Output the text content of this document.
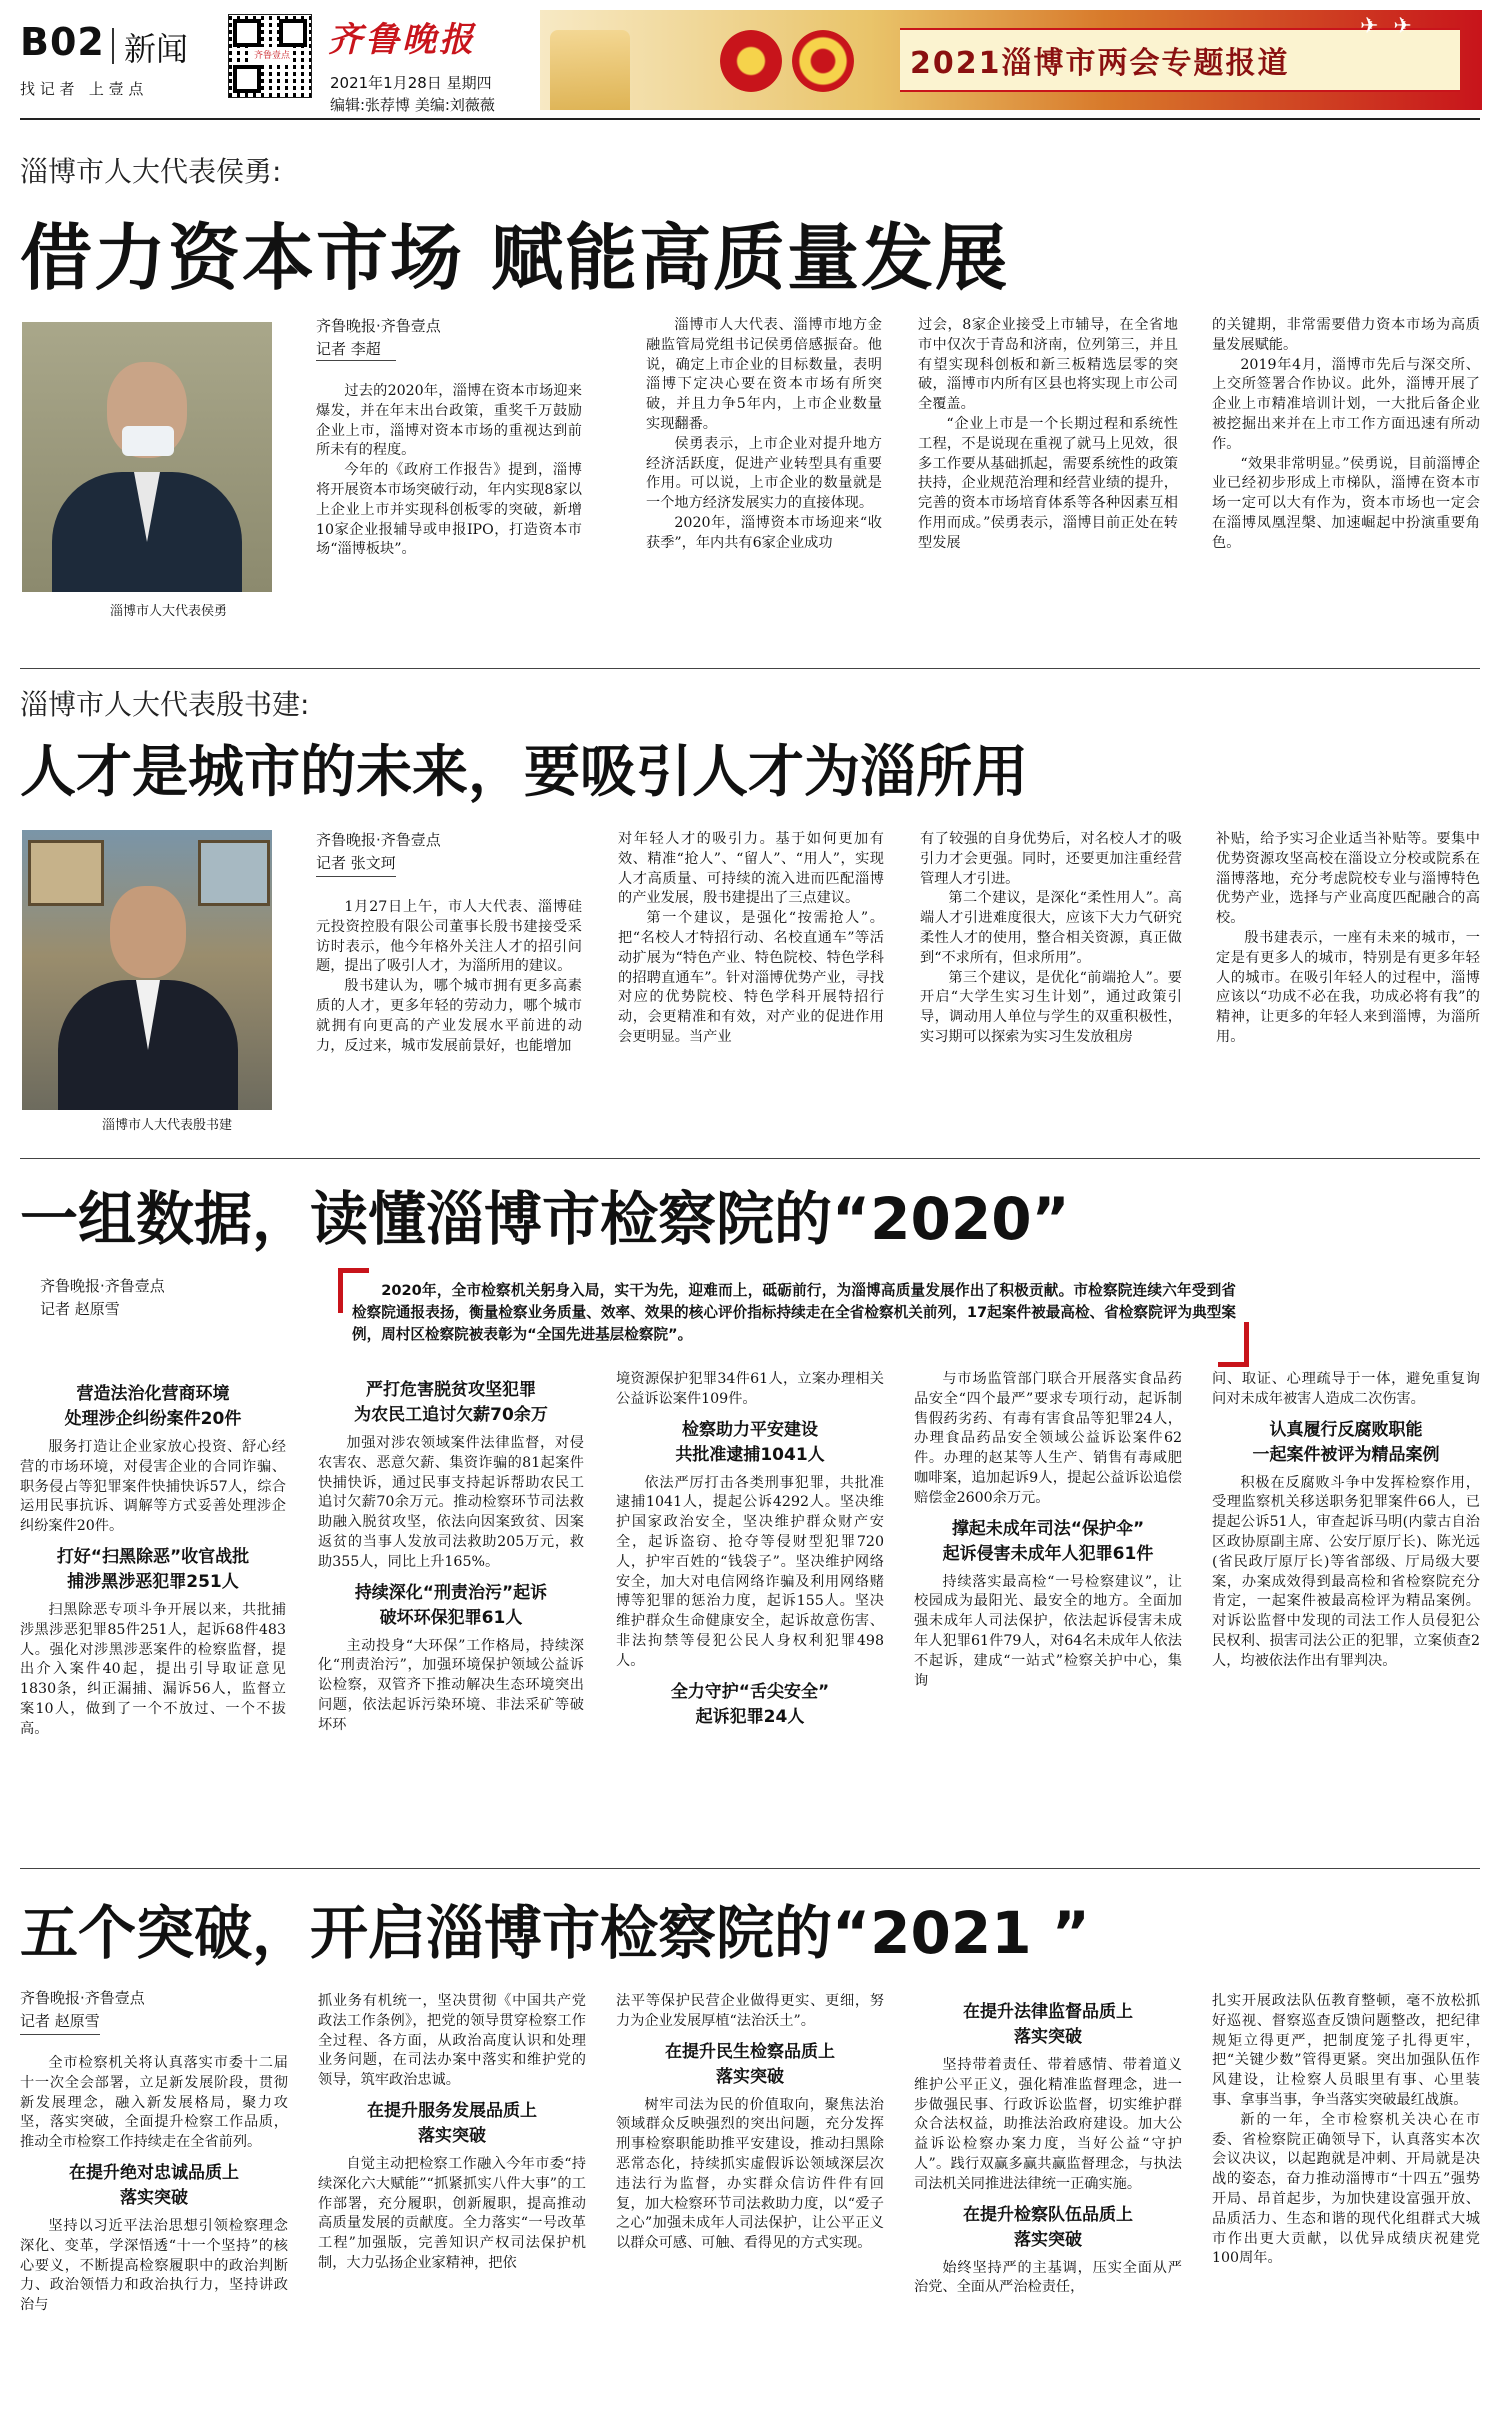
B02 新闻
找 记 者   上 壹 点
齐鲁壹点 齐鲁晚报
2021年1月28日 星期四
编辑:张荐博 美编:刘薇薇
✈ ✈
2021淄博市两会专题报道
淄博市人大代表侯勇:
借力资本市场 赋能高质量发展
淄博市人大代表侯勇
齐鲁晚报·齐鲁壹点
记者 李超

过去的2020年，淄博在资本市场迎来爆发，并在年末出台政策，重奖千万鼓励企业上市，淄博对资本市场的重视达到前所未有的程度。

今年的《政府工作报告》提到，淄博将开展资本市场突破行动，年内实现8家以上企业上市并实现科创板零的突破，新增10家企业报辅导或申报IPO，打造资本市场“淄博板块”。

淄博市人大代表、淄博市地方金融监管局党组书记侯勇倍感振奋。他说，确定上市企业的目标数量，表明淄博下定决心要在资本市场有所突破，并且力争5年内，上市企业数量实现翻番。

侯勇表示，上市企业对提升地方经济活跃度，促进产业转型具有重要作用。可以说，上市企业的数量就是一个地方经济发展实力的直接体现。

2020年，淄博资本市场迎来“收获季”，年内共有6家企业成功

过会，8家企业接受上市辅导，在全省地市中仅次于青岛和济南，位列第三，并且有望实现科创板和新三板精选层零的突破，淄博市内所有区县也将实现上市公司全覆盖。

“企业上市是一个长期过程和系统性工程，不是说现在重视了就马上见效，很多工作要从基础抓起，需要系统性的政策扶持，企业规范治理和经营业绩的提升，完善的资本市场培育体系等各种因素互相作用而成。”侯勇表示，淄博目前正处在转型发展

的关键期，非常需要借力资本市场为高质量发展赋能。

2019年4月，淄博市先后与深交所、上交所签署合作协议。此外，淄博开展了企业上市精准培训计划，一大批后备企业被挖掘出来并在上市工作方面迅速有所动作。

“效果非常明显。”侯勇说，目前淄博企业已经初步形成上市梯队，淄博在资本市场一定可以大有作为，资本市场也一定会在淄博凤凰涅槃、加速崛起中扮演重要角色。

淄博市人大代表殷书建:
人才是城市的未来，要吸引人才为淄所用
淄博市人大代表殷书建
齐鲁晚报·齐鲁壹点
记者 张文珂

1月27日上午，市人大代表、淄博硅元投资控股有限公司董事长殷书建接受采访时表示，他今年格外关注人才的招引问题，提出了吸引人才，为淄所用的建议。

殷书建认为，哪个城市拥有更多高素质的人才，更多年轻的劳动力，哪个城市就拥有向更高的产业发展水平前进的动力，反过来，城市发展前景好，也能增加

对年轻人才的吸引力。基于如何更加有效、精准“抢人”、“留人”、“用人”，实现人才高质量、可持续的流入进而匹配淄博的产业发展，殷书建提出了三点建议。

第一个建议，是强化“按需抢人”。把“名校人才特招行动、名校直通车”等活动扩展为“特色产业、特色院校、特色学科的招聘直通车”。针对淄博优势产业，寻找对应的优势院校、特色学科开展特招行动，会更精准和有效，对产业的促进作用会更明显。当产业

有了较强的自身优势后，对名校人才的吸引力才会更强。同时，还要更加注重经营管理人才引进。

第二个建议，是深化“柔性用人”。高端人才引进难度很大，应该下大力气研究柔性人才的使用，整合相关资源，真正做到“不求所有，但求所用”。

第三个建议，是优化“前端抢人”。要开启“大学生实习生计划”，通过政策引导，调动用人单位与学生的双重积极性，实习期可以探索为实习生发放租房

补贴，给予实习企业适当补贴等。要集中优势资源攻坚高校在淄设立分校或院系在淄博落地，充分考虑院校专业与淄博特色优势产业，选择与产业高度匹配融合的高校。

殷书建表示，一座有未来的城市，一定是有更多人的城市，特别是有更多年轻人的城市。在吸引年轻人的过程中，淄博应该以“功成不必在我，功成必将有我”的精神，让更多的年轻人来到淄博，为淄所用。

一组数据，读懂淄博市检察院的“2020”
齐鲁晚报·齐鲁壹点
记者 赵原雪
2020年，全市检察机关躬身入局，实干为先，迎难而上，砥砺前行，为淄博高质量发展作出了积极贡献。市检察院连续六年受到省检察院通报表扬，衡量检察业务质量、效率、效果的核心评价指标持续走在全省检察机关前列，17起案件被最高检、省检察院评为典型案例，周村区检察院被表彰为“全国先进基层检察院”。
营造法治化营商环境
处理涉企纠纷案件20件

服务打造让企业家放心投资、舒心经营的市场环境，对侵害企业的合同诈骗、职务侵占等犯罪案件快捕快诉57人，综合运用民事抗诉、调解等方式妥善处理涉企纠纷案件20件。

打好“扫黑除恶”收官战批
捕涉黑涉恶犯罪251人

扫黑除恶专项斗争开展以来，共批捕涉黑涉恶犯罪85件251人，起诉68件483人。强化对涉黑涉恶案件的检察监督，提出介入案件40起，提出引导取证意见1830条，纠正漏捕、漏诉56人，监督立案10人，做到了一个不放过、一个不拔高。

严打危害脱贫攻坚犯罪
为农民工追讨欠薪70余万

加强对涉农领域案件法律监督，对侵农害农、恶意欠薪、集资诈骗的81起案件快捕快诉，通过民事支持起诉帮助农民工追讨欠薪70余万元。推动检察环节司法救助融入脱贫攻坚，依法向因案致贫、因案返贫的当事人发放司法救助205万元，救助355人，同比上升165%。

持续深化“刑责治污”起诉
破坏环保犯罪61人

主动投身“大环保”工作格局，持续深化“刑责治污”，加强环境保护领域公益诉讼检察，双管齐下推动解决生态环境突出问题，依法起诉污染环境、非法采矿等破坏环

境资源保护犯罪34件61人，立案办理相关公益诉讼案件109件。

检察助力平安建设
共批准逮捕1041人

依法严厉打击各类刑事犯罪，共批准逮捕1041人，提起公诉4292人。坚决维护国家政治安全，坚决维护群众财产安全，起诉盗窃、抢夺等侵财型犯罪720人，护牢百姓的“钱袋子”。坚决维护网络安全，加大对电信网络诈骗及利用网络赌博等犯罪的惩治力度，起诉155人。坚决维护群众生命健康安全，起诉故意伤害、非法拘禁等侵犯公民人身权利犯罪498人。

全力守护“舌尖安全”
起诉犯罪24人

与市场监管部门联合开展落实食品药品安全“四个最严”要求专项行动，起诉制售假药劣药、有毒有害食品等犯罪24人，办理食品药品安全领域公益诉讼案件62件。办理的赵某等人生产、销售有毒咸肥咖啡案，追加起诉9人，提起公益诉讼追偿赔偿金2600余万元。

撑起未成年司法“保护伞”
起诉侵害未成年人犯罪61件

持续落实最高检“一号检察建议”，让校园成为最阳光、最安全的地方。全面加强未成年人司法保护，依法起诉侵害未成年人犯罪61件79人，对64名未成年人依法不起诉，建成“一站式”检察关护中心，集询

问、取证、心理疏导于一体，避免重复询问对未成年被害人造成二次伤害。

认真履行反腐败职能
一起案件被评为精品案例

积极在反腐败斗争中发挥检察作用，受理监察机关移送职务犯罪案件66人，已提起公诉51人，审查起诉马明(内蒙古自治区政协原副主席、公安厅原厅长)、陈光远(省民政厅原厅长)等省部级、厅局级大要案，办案成效得到最高检和省检察院充分肯定，一起案件被最高检评为精品案例。对诉讼监督中发现的司法工作人员侵犯公民权利、损害司法公正的犯罪，立案侦查2人，均被依法作出有罪判决。

五个突破，开启淄博市检察院的“2021 ”
齐鲁晚报·齐鲁壹点
记者 赵原雪

全市检察机关将认真落实市委十二届十一次全会部署，立足新发展阶段，贯彻新发展理念，融入新发展格局，聚力攻坚，落实突破，全面提升检察工作品质，推动全市检察工作持续走在全省前列。

在提升绝对忠诚品质上
落实突破

坚持以习近平法治思想引领检察理念深化、变革，学深悟透“十一个坚持”的核心要义，不断提高检察履职中的政治判断力、政治领悟力和政治执行力，坚持讲政治与

抓业务有机统一，坚决贯彻《中国共产党政法工作条例》，把党的领导贯穿检察工作全过程、各方面，从政治高度认识和处理业务问题，在司法办案中落实和维护党的领导，筑牢政治忠诚。

在提升服务发展品质上
落实突破

自觉主动把检察工作融入今年市委“持续深化六大赋能”“抓紧抓实八件大事”的工作部署，充分履职，创新履职，提高推动高质量发展的贡献度。全力落实“一号改革工程”加强版，完善知识产权司法保护机制，大力弘扬企业家精神，把依

法平等保护民营企业做得更实、更细，努力为企业发展厚植“法治沃土”。

在提升民生检察品质上
落实突破

树牢司法为民的价值取向，聚焦法治领域群众反映强烈的突出问题，充分发挥刑事检察职能助推平安建设，推动扫黑除恶常态化，持续抓实虚假诉讼领域深层次违法行为监督，办实群众信访件件有回复，加大检察环节司法救助力度，以“爱子之心”加强未成年人司法保护，让公平正义以群众可感、可触、看得见的方式实现。

在提升法律监督品质上
落实突破

坚持带着责任、带着感情、带着道义维护公平正义，强化精准监督理念，进一步做强民事、行政诉讼监督，切实维护群众合法权益，助推法治政府建设。加大公益诉讼检察办案力度，当好公益“守护人”。践行双赢多赢共赢监督理念，与执法司法机关同推进法律统一正确实施。

在提升检察队伍品质上
落实突破

始终坚持严的主基调，压实全面从严治党、全面从严治检责任，

扎实开展政法队伍教育整顿，毫不放松抓好巡视、督察巡查反馈问题整改，把纪律规矩立得更严，把制度笼子扎得更牢，把“关键少数”管得更紧。突出加强队伍作风建设，让检察人员眼里有事、心里装事、拿事当事，争当落实突破最红战旗。

新的一年，全市检察机关决心在市委、省检察院正确领导下，认真落实本次会议决议，以起跑就是冲刺、开局就是决战的姿态，奋力推动淄博市“十四五”强势开局、昂首起步，为加快建设富强开放、品质活力、生态和谐的现代化组群式大城市作出更大贡献，以优异成绩庆祝建党100周年。
